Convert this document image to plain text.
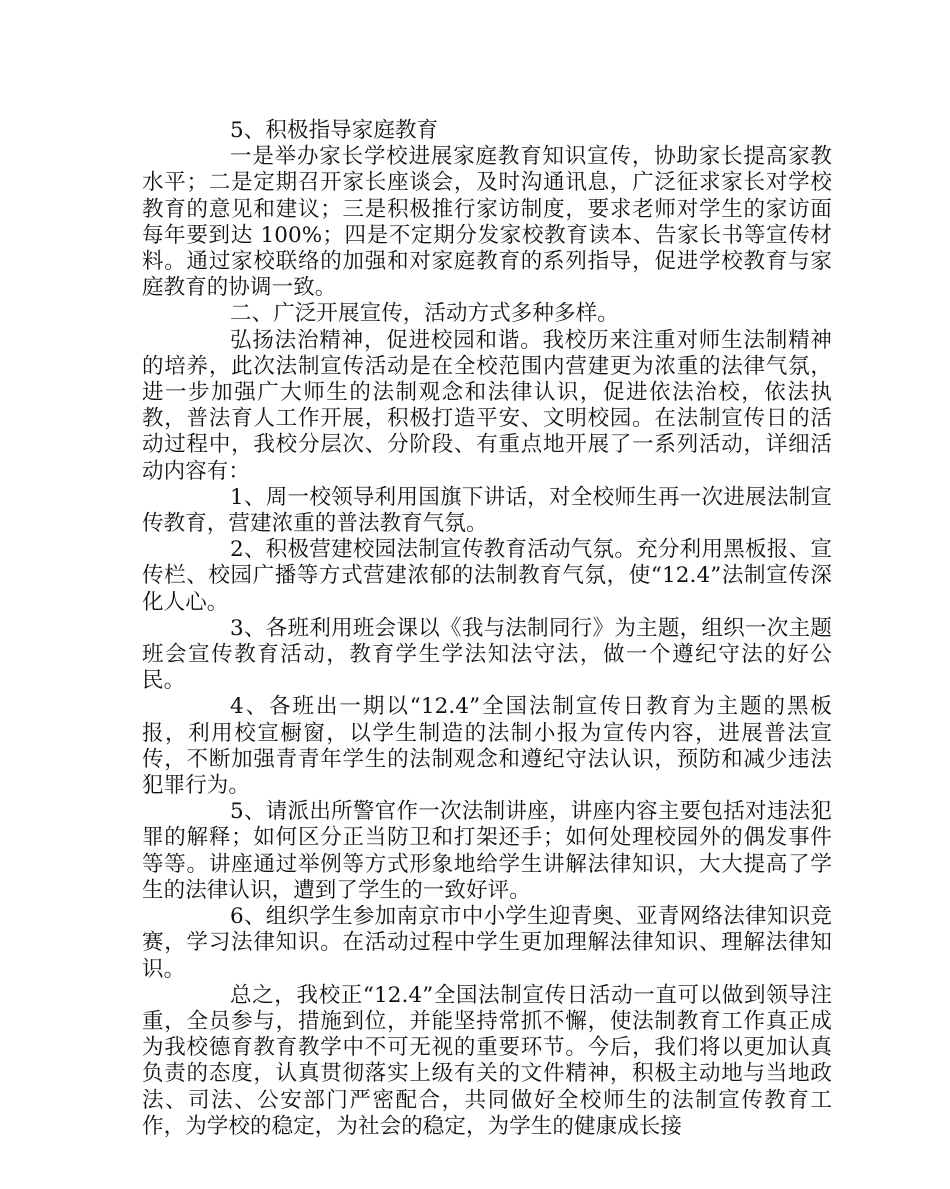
5、积极指导家庭教育

一是举办家长学校进展家庭教育知识宣传，协助家长提高家教水平；二是定期召开家长座谈会，及时沟通讯息，广泛征求家长对学校教育的意见和建议；三是积极推行家访制度，要求老师对学生的家访面每年要到达 100%；四是不定期分发家校教育读本、告家长书等宣传材料。通过家校联络的加强和对家庭教育的系列指导，促进学校教育与家庭教育的协调一致。

二、广泛开展宣传，活动方式多种多样。

弘扬法治精神，促进校园和谐。我校历来注重对师生法制精神的培养，此次法制宣传活动是在全校范围内营建更为浓重的法律气氛，进一步加强广大师生的法制观念和法律认识，促进依法治校，依法执教，普法育人工作开展，积极打造平安、文明校园。在法制宣传日的活动过程中，我校分层次、分阶段、有重点地开展了一系列活动，详细活动内容有：

1、周一校领导利用国旗下讲话，对全校师生再一次进展法制宣传教育，营建浓重的普法教育气氛。

2、积极营建校园法制宣传教育活动气氛。充分利用黑板报、宣传栏、校园广播等方式营建浓郁的法制教育气氛，使“12.4”法制宣传深化人心。

3、各班利用班会课以《我与法制同行》为主题，组织一次主题班会宣传教育活动，教育学生学法知法守法，做一个遵纪守法的好公民。

4、各班出一期以“12.4”全国法制宣传日教育为主题的黑板报，利用校宣橱窗，以学生制造的法制小报为宣传内容，进展普法宣传，不断加强青青年学生的法制观念和遵纪守法认识，预防和减少违法犯罪行为。

5、请派出所警官作一次法制讲座，讲座内容主要包括对违法犯罪的解释；如何区分正当防卫和打架还手；如何处理校园外的偶发事件等等。讲座通过举例等方式形象地给学生讲解法律知识，大大提高了学生的法律认识，遭到了学生的一致好评。

6、组织学生参加南京市中小学生迎青奥、亚青网络法律知识竞赛，学习法律知识。在活动过程中学生更加理解法律知识、理解法律知识。

总之，我校正“12.4”全国法制宣传日活动一直可以做到领导注重，全员参与，措施到位，并能坚持常抓不懈，使法制教育工作真正成为我校德育教育教学中不可无视的重要环节。今后，我们将以更加认真负责的态度，认真贯彻落实上级有关的文件精神，积极主动地与当地政法、司法、公安部门严密配合，共同做好全校师生的法制宣传教育工作，为学校的稳定，为社会的稳定，为学生的健康成长接
